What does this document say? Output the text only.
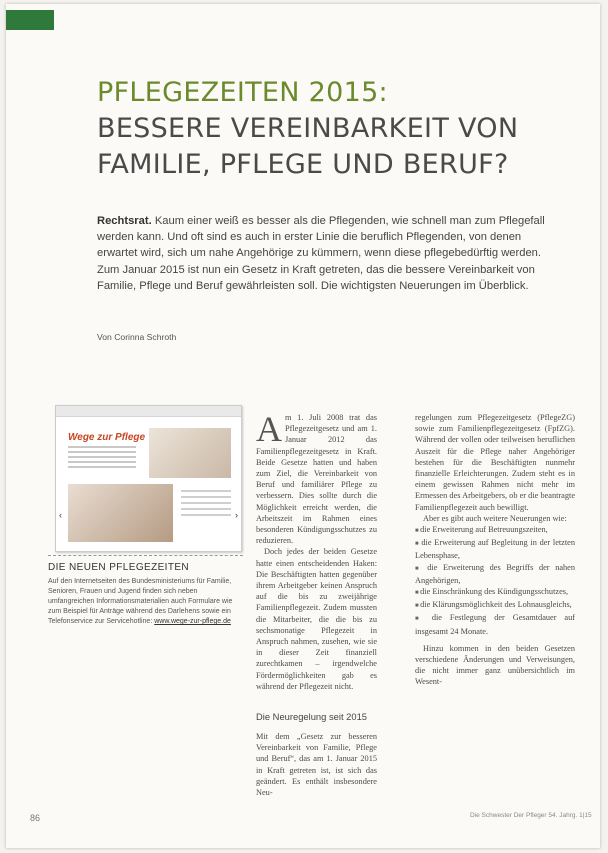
PFLEGEZEITEN 2015:
BESSERE VEREINBARKEIT VON
FAMILIE, PFLEGE UND BERUF?
Rechtsrat. Kaum einer weiß es besser als die Pflegenden, wie schnell man zum Pflegefall werden kann. Und oft sind es auch in erster Linie die beruflich Pflegenden, von denen erwartet wird, sich um nahe Angehörige zu kümmern, wenn diese pflegebedürftig werden. Zum Januar 2015 ist nun ein Gesetz in Kraft getreten, das die bessere Vereinbarkeit von Familie, Pflege und Beruf gewährleisten soll. Die wichtigsten Neuerungen im Überblick.
Von Corinna Schroth
Wege zur Pflege
‹	›
DIE NEUEN PFLEGEZEITEN
Auf den Internetseiten des Bundesministeriums für Familie, Senioren, Frauen und Jugend finden sich neben umfangreichen Informationsmaterialien auch Formulare wie zum Beispiel für Anträge während des Darlehens sowie ein Telefonservice zur Servicehotline: www.wege-zur-pflege.de

Am 1. Juli 2008 trat das Pflegezeitgesetz und am 1. Januar 2012 das Familienpflegezeitgesetz in Kraft. Beide Gesetze hatten und haben zum Ziel, die Vereinbarkeit von Beruf und familiärer Pflege zu verbessern. Dies sollte durch die Möglichkeit erreicht werden, die Arbeitszeit im Rahmen eines besonderen Kündigungsschutzes zu reduzieren.

Doch jedes der beiden Gesetze hatte einen entscheidenden Haken: Die Beschäftigten hatten gegenüber ihrem Arbeitgeber keinen Anspruch auf die bis zu zweijährige Familienpflegezeit. Zudem mussten die Mitarbeiter, die die bis zu sechsmonatige Pflegezeit in Anspruch nahmen, zusehen, wie sie in dieser Zeit finanziell zurechtkamen – irgendwelche Fördermöglichkeiten gab es während der Pflegezeit nicht.

Die Neuregelung seit 2015
Mit dem „Gesetz zur besseren Vereinbarkeit von Familie, Pflege und Beruf“, das am 1. Januar 2015 in Kraft getreten ist, ist sich das geändert. Es enthält insbesondere Neu-

regelungen zum Pflegezeitgesetz (PflegeZG) sowie zum Familienpflegezeitgesetz (FpfZG). Während der vollen oder teilweisen beruflichen Auszeit für die Pflege naher Angehöriger bestehen für die Beschäftigten nunmehr finanzielle Erleichterungen. Zudem steht es in einem gewissen Rahmen nicht mehr im Ermessen des Arbeitgebers, ob er die beantragte Familienpflegezeit auch bewilligt.

Aber es gibt auch weitere Neuerungen wie:

■ die Erweiterung auf Betreuungszeiten,
■ die Erweiterung auf Begleitung in der letzten Lebensphase,
■ die Erweiterung des Begriffs der nahen Angehörigen,
■ die Einschränkung des Kündigungsschutzes,
■ die Klärungsmöglichkeit des Lohnausgleichs,
■ die Festlegung der Gesamtdauer auf insgesamt 24 Monate.

Hinzu kommen in den beiden Gesetzen verschiedene Änderungen und Verweisungen, die nicht immer ganz unübersichtlich im Wesent-

86	Die Schwester Der Pfleger 54. Jahrg. 1|15
